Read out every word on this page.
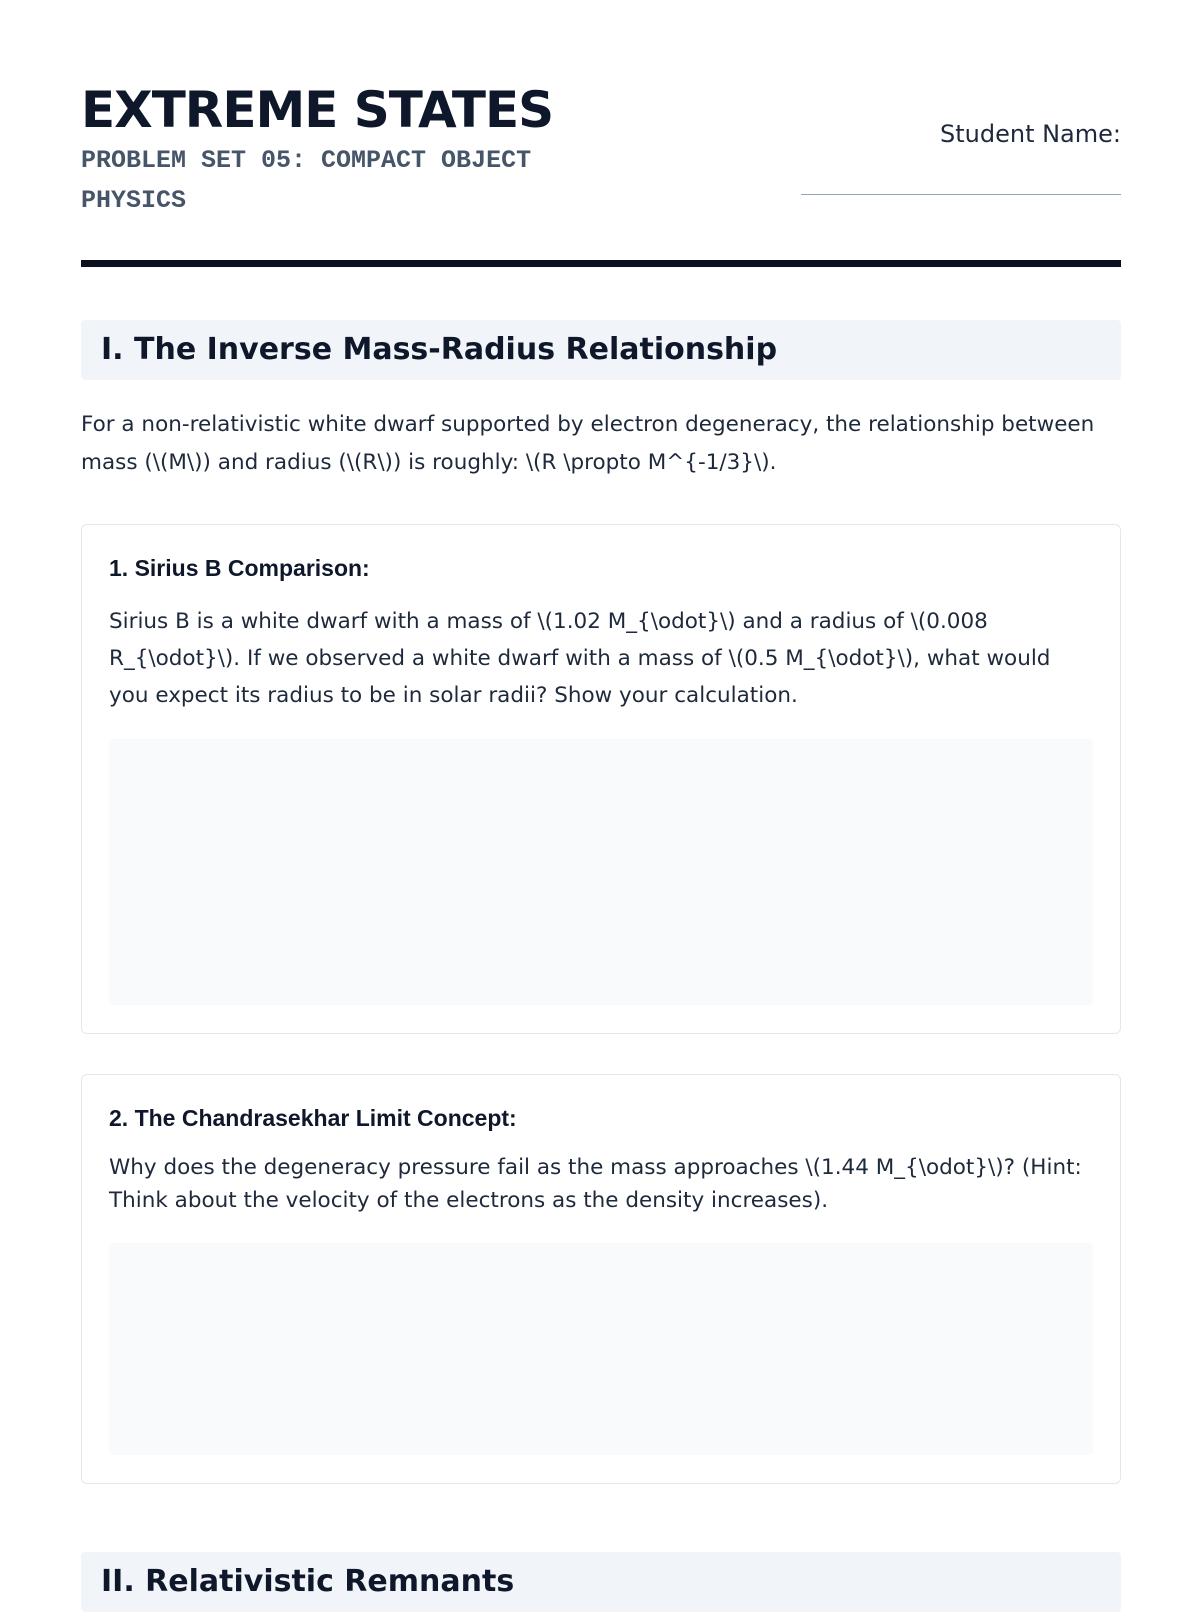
EXTREME STATES

PROBLEM SET 05: COMPACT OBJECT PHYSICS

Student Name:
I. The Inverse Mass-Radius Relationship

For a non-relativistic white dwarf supported by electron degeneracy, the relationship between mass (\(M\)) and radius (\(R\)) is roughly: \(R \propto M^{-1/3}\).

1. Sirius B Comparison:

Sirius B is a white dwarf with a mass of \(1.02 M_{\odot}\) and a radius of \(0.008 R_{\odot}\). If we observed a white dwarf with a mass of \(0.5 M_{\odot}\), what would you expect its radius to be in solar radii? Show your calculation.

2. The Chandrasekhar Limit Concept:

Why does the degeneracy pressure fail as the mass approaches \(1.44 M_{\odot}\)? (Hint: Think about the velocity of the electrons as the density increases).

II. Relativistic Remnants
